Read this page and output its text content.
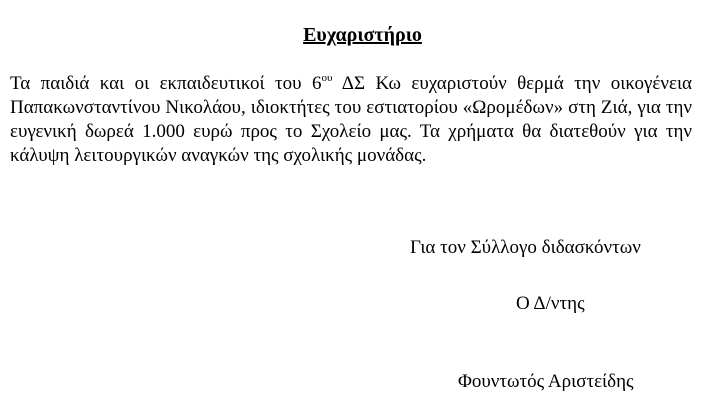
Ευχαριστήριο

Τα παιδιά και οι εκπαιδευτικοί του $6^{o\upsilon}$ ΔΣ Κω ευχαριστούν θερμά την οικογένεια Παπακωνσταντίνου Νικολάου, ιδιοκτήτες του εστιατορίου «Ωρομέδων» στη Ζιά, για την ευγενική δωρεά 1.000 ευρώ προς το Σχολείο μας. Τα χρήματα θα διατεθούν για την κάλυψη λειτουργικών αναγκών της σχολικής μονάδας.

Για τον Σύλλογο διδασκόντων

Ο Δ/ντης

Φουντωτός Αριστείδης
